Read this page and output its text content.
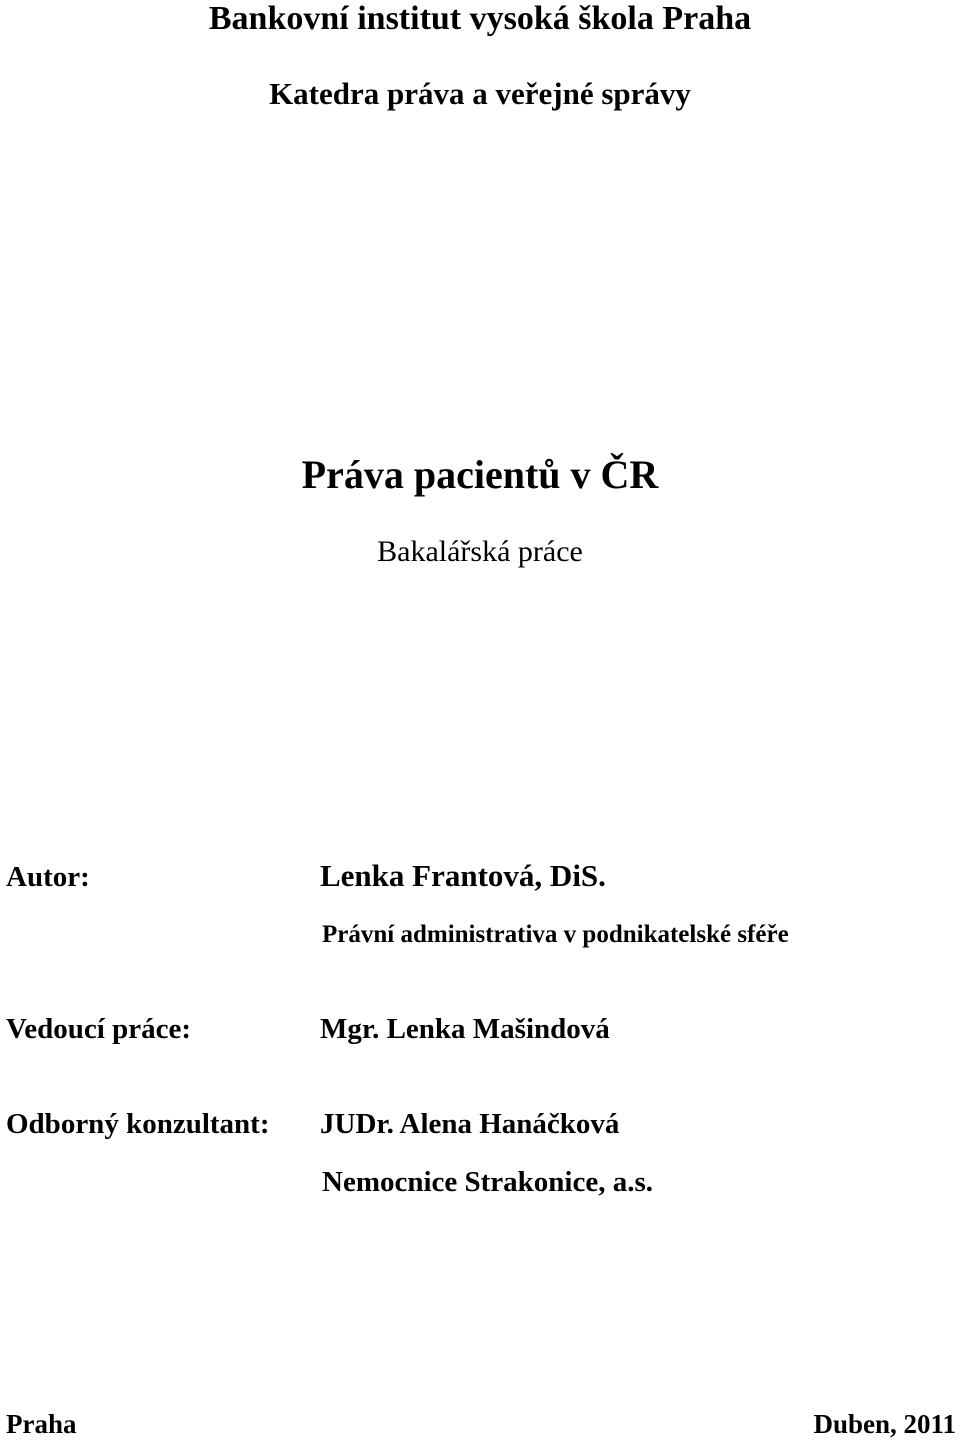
Bankovní institut vysoká škola Praha
Katedra práva a veřejné správy
Práva pacientů v ČR
Bakalářská práce
Autor:	Lenka Frantová, DiS.
Právní administrativa v podnikatelské sféře
Vedoucí práce:	Mgr. Lenka Mašindová
Odborný konzultant: JUDr. Alena Hanáčková
Nemocnice Strakonice, a.s.
Praha	Duben, 2011
